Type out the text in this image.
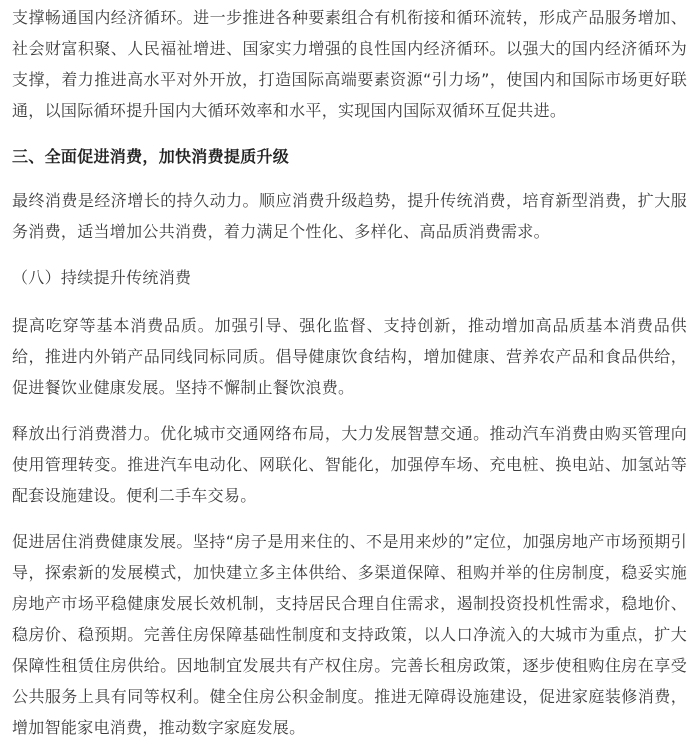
支撑畅通国内经济循环。进一步推进各种要素组合有机衔接和循环流转，形成产品服务增加、社会财富积聚、人民福祉增进、国家实力增强的良性国内经济循环。以强大的国内经济循环为支撑，着力推进高水平对外开放，打造国际高端要素资源“引力场”，使国内和国际市场更好联通，以国际循环提升国内大循环效率和水平，实现国内国际双循环互促共进。

三、全面促进消费，加快消费提质升级

最终消费是经济增长的持久动力。顺应消费升级趋势，提升传统消费，培育新型消费，扩大服务消费，适当增加公共消费，着力满足个性化、多样化、高品质消费需求。

（八）持续提升传统消费

提高吃穿等基本消费品质。加强引导、强化监督、支持创新，推动增加高品质基本消费品供给，推进内外销产品同线同标同质。倡导健康饮食结构，增加健康、营养农产品和食品供给，促进餐饮业健康发展。坚持不懈制止餐饮浪费。

释放出行消费潜力。优化城市交通网络布局，大力发展智慧交通。推动汽车消费由购买管理向使用管理转变。推进汽车电动化、网联化、智能化，加强停车场、充电桩、换电站、加氢站等配套设施建设。便利二手车交易。

促进居住消费健康发展。坚持“房子是用来住的、不是用来炒的”定位，加强房地产市场预期引导，探索新的发展模式，加快建立多主体供给、多渠道保障、租购并举的住房制度，稳妥实施房地产市场平稳健康发展长效机制，支持居民合理自住需求，遏制投资投机性需求，稳地价、稳房价、稳预期。完善住房保障基础性制度和支持政策，以人口净流入的大城市为重点，扩大保障性租赁住房供给。因地制宜发展共有产权住房。完善长租房政策，逐步使租购住房在享受公共服务上具有同等权利。健全住房公积金制度。推进无障碍设施建设，促进家庭装修消费，增加智能家电消费，推动数字家庭发展。
